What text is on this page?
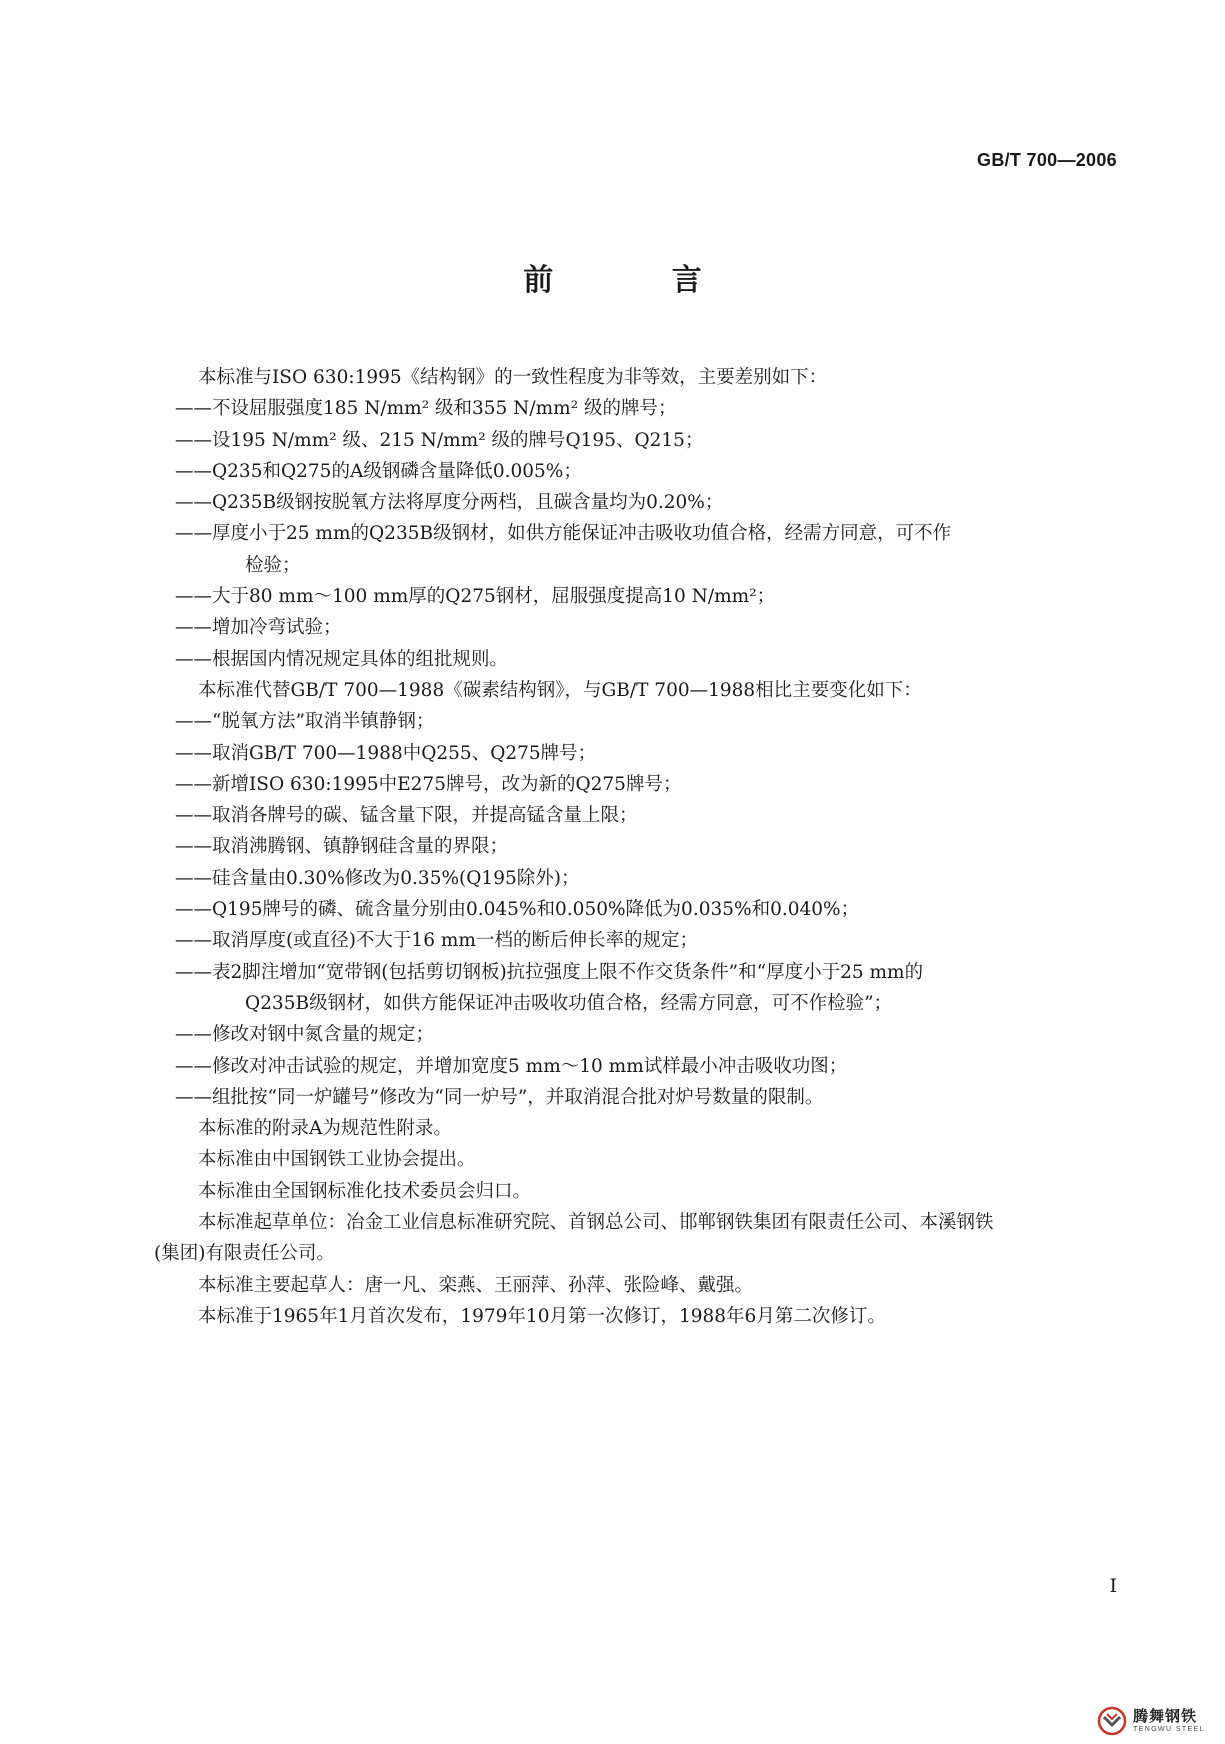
GB/T 700—2006
前 言

本标准与ISO 630:1995《结构钢》的一致性程度为非等效，主要差别如下：

——不设屈服强度185 N/mm² 级和355 N/mm² 级的牌号；

——设195 N/mm² 级、215 N/mm² 级的牌号Q195、Q215；

——Q235和Q275的A级钢磷含量降低0.005%；

——Q235B级钢按脱氧方法将厚度分两档，且碳含量均为0.20%；

——厚度小于25 mm的Q235B级钢材，如供方能保证冲击吸收功值合格，经需方同意，可不作

检验；

——大于80 mm～100 mm厚的Q275钢材，屈服强度提高10 N/mm²；

——增加冷弯试验；

——根据国内情况规定具体的组批规则。

本标准代替GB/T 700—1988《碳素结构钢》，与GB/T 700—1988相比主要变化如下：

——“脱氧方法”取消半镇静钢；

——取消GB/T 700—1988中Q255、Q275牌号；

——新增ISO 630:1995中E275牌号，改为新的Q275牌号；

——取消各牌号的碳、锰含量下限，并提高锰含量上限；

——取消沸腾钢、镇静钢硅含量的界限；

——硅含量由0.30%修改为0.35%(Q195除外)；

——Q195牌号的磷、硫含量分别由0.045%和0.050%降低为0.035%和0.040%；

——取消厚度(或直径)不大于16 mm一档的断后伸长率的规定；

——表2脚注增加“宽带钢(包括剪切钢板)抗拉强度上限不作交货条件”和“厚度小于25 mm的

Q235B级钢材，如供方能保证冲击吸收功值合格，经需方同意，可不作检验”；

——修改对钢中氮含量的规定；

——修改对冲击试验的规定，并增加宽度5 mm～10 mm试样最小冲击吸收功图；

——组批按“同一炉罐号”修改为“同一炉号”，并取消混合批对炉号数量的限制。

本标准的附录A为规范性附录。

本标准由中国钢铁工业协会提出。

本标准由全国钢标准化技术委员会归口。

本标准起草单位：冶金工业信息标准研究院、首钢总公司、邯郸钢铁集团有限责任公司、本溪钢铁

(集团)有限责任公司。

本标准主要起草人：唐一凡、栾燕、王丽萍、孙萍、张险峰、戴强。

本标准于1965年1月首次发布，1979年10月第一次修订，1988年6月第二次修订。

I
腾舞钢铁
TENGWU STEEL
